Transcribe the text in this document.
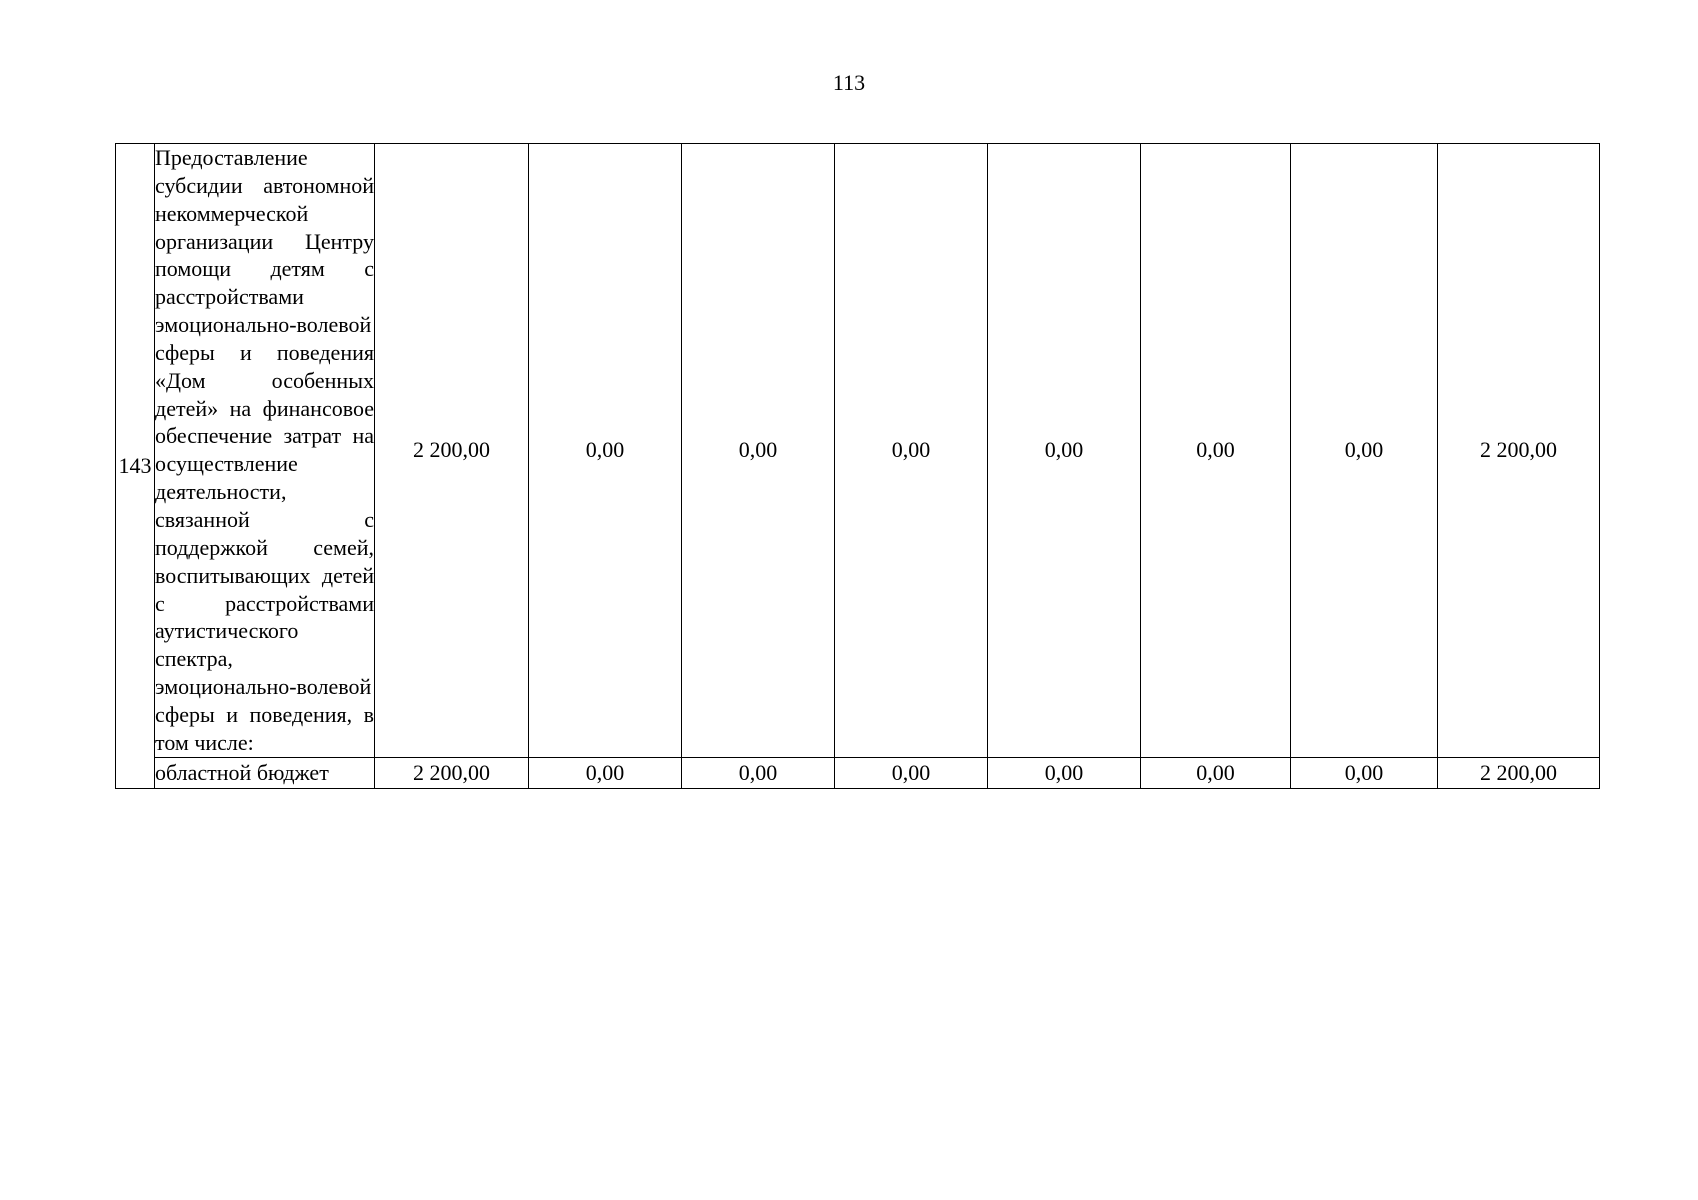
113
143	Предоставление субсидии автономной некоммерческой организации Центру помощи детям с расстройствами эмоционально-волевой сферы и поведения «Дом особенных детей» на финансовое обеспечение затрат на осуществление деятельности, связанной с поддержкой семей, воспитывающих детей с расстройствами аутистического спектра, эмоционально-волевой сферы и поведения, в том числе:	2 200,00	0,00	0,00	0,00	0,00	0,00	0,00	2 200,00
	областной бюджет	2 200,00	0,00	0,00	0,00	0,00	0,00	0,00	2 200,00
